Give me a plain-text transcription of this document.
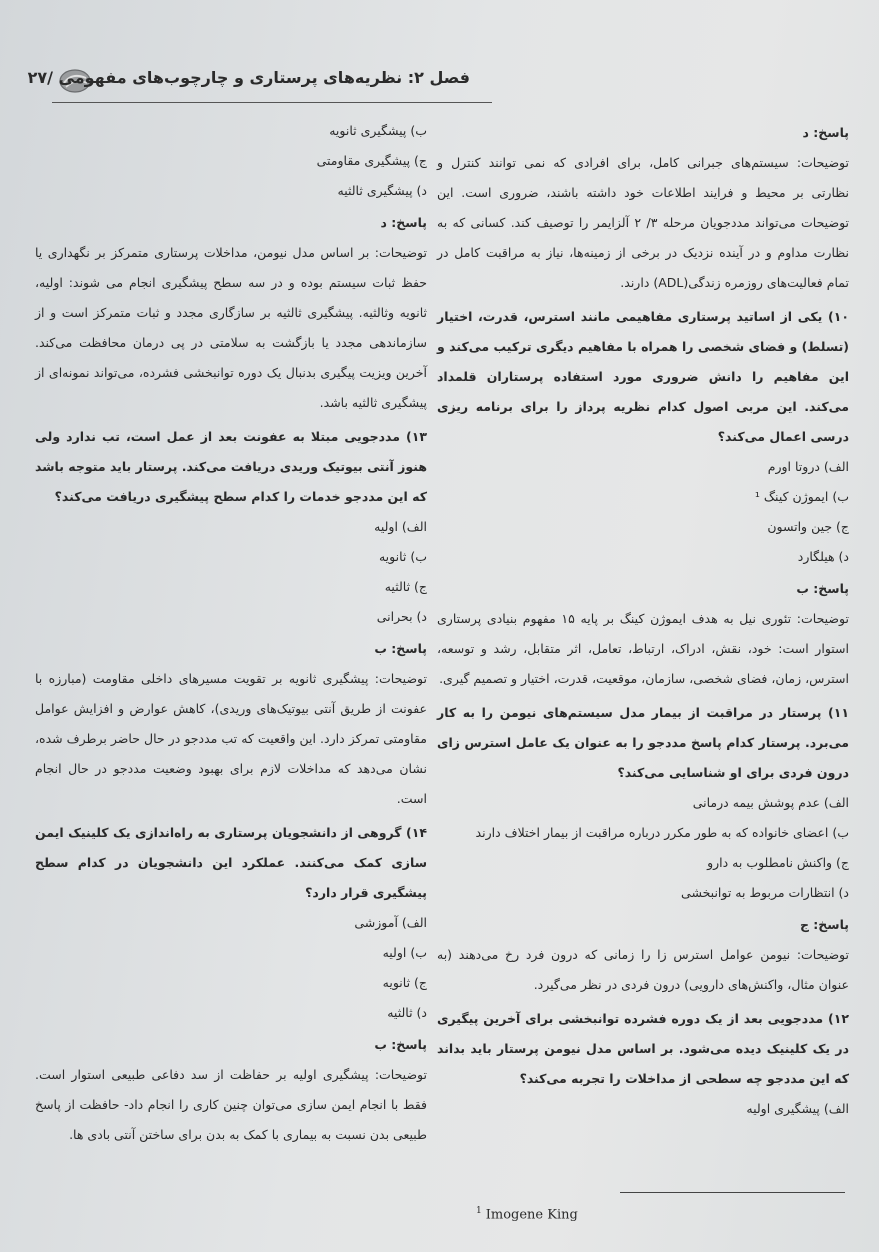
فصل ۲: نظریه‌های پرستاری و چارچوب‌های مفهومی /۲۷

پاسخ: د

توضیحات: سیستم‌های جبرانی کامل، برای افرادی که نمی توانند کنترل و نظارتی بر محیط و فرایند اطلاعات خود داشته باشند، ضروری است. این توضیحات می‌تواند مددجویان مرحله ۳/ ۲ آلزایمر را توصیف کند. کسانی که به نظارت مداوم و در آینده نزدیک در برخی از زمینه‌ها، نیاز به مراقبت کامل در تمام فعالیت‌های روزمره زندگی(ADL) دارند.

۱۰) یکی از اساتید پرستاری مفاهیمی مانند استرس، قدرت، اختیار (تسلط) و فضای شخصی را همراه با مفاهیم دیگری ترکیب می‌کند و این مفاهیم را دانش ضروری مورد استفاده پرستاران قلمداد می‌کند. این مربی اصول کدام نظریه پرداز را برای برنامه ریزی درسی اعمال می‌کند؟

الف) دروتا اورم

ب) ایموژن کینگ ¹

ج) جین واتسون

د) هیلگارد

پاسخ: ب

توضیحات: تئوری نیل به هدف ایموژن کینگ بر پایه ۱۵ مفهوم بنیادی پرستاری استوار است: خود، نقش، ادراک، ارتباط، تعامل، اثر متقابل، رشد و توسعه، استرس، زمان، فضای شخصی، سازمان، موقعیت، قدرت، اختیار و تصمیم گیری.

۱۱) پرستار در مراقبت از بیمار مدل سیستم‌های نیومن را به کار می‌برد. پرستار کدام پاسخ مددجو را به عنوان یک عامل استرس زای درون فردی برای او شناسایی می‌کند؟

الف) عدم پوشش بیمه درمانی

ب) اعضای خانواده که به طور مکرر درباره مراقبت از بیمار اختلاف دارند

ج) واکنش نامطلوب به دارو

د) انتظارات مربوط به توانبخشی

پاسخ: ج

توضیحات: نیومن عوامل استرس زا را زمانی که درون فرد رخ می‌دهند (به عنوان مثال، واکنش‌های دارویی) درون فردی در نظر می‌گیرد.

۱۲) مددجویی بعد از یک دوره فشرده توانبخشی برای آخرین پیگیری در یک کلینیک دیده می‌شود. بر اساس مدل نیومن پرستار باید بداند که این مددجو چه سطحی از مداخلات را تجربه می‌کند؟

الف) پیشگیری اولیه

ب) پیشگیری ثانویه

ج) پیشگیری مقاومتی

د) پیشگیری ثالثیه

پاسخ: د

توضیحات: بر اساس مدل نیومن، مداخلات پرستاری متمرکز بر نگهداری یا حفظ ثبات سیستم بوده و در سه سطح پیشگیری انجام می شوند: اولیه، ثانویه وثالثیه. پیشگیری ثالثیه بر سازگاری مجدد و ثبات متمرکز است و از سازماندهی مجدد یا بازگشت به سلامتی در پی درمان محافظت می‌کند. آخرین ویزیت پیگیری بدنبال یک دوره توانبخشی فشرده، می‌تواند نمونه‌ای از پیشگیری ثالثیه باشد.

۱۳) مددجویی مبتلا به عفونت بعد از عمل است، تب ندارد ولی هنوز آنتی بیوتیک وریدی دریافت می‌کند. پرستار باید متوجه باشد که این مددجو خدمات را کدام سطح پیشگیری دریافت می‌کند؟

الف) اولیه

ب) ثانویه

ج) ثالثیه

د) بحرانی

پاسخ: ب

توضیحات: پیشگیری ثانویه بر تقویت مسیرهای داخلی مقاومت (مبارزه با عفونت از طریق آنتی بیوتیک‌های وریدی)، کاهش عوارض و افزایش عوامل مقاومتی تمرکز دارد. این واقعیت که تب مددجو در حال حاضر برطرف شده، نشان می‌دهد که مداخلات لازم برای بهبود وضعیت مددجو در حال انجام است.

۱۴) گروهی از دانشجویان پرستاری به راه‌اندازی یک کلینیک ایمن سازی کمک می‌کنند. عملکرد این دانشجویان در کدام سطح پیشگیری قرار دارد؟

الف) آموزشی

ب) اولیه

ج) ثانویه

د) ثالثیه

پاسخ: ب

توضیحات: پیشگیری اولیه بر حفاظت از سد دفاعی طبیعی استوار است. فقط با انجام ایمن سازی می‌توان چنین کاری را انجام داد- حافظت از پاسخ طبیعی بدن نسبت به بیماری با کمک به بدن برای ساختن آنتی بادی ها.

$^1$ Imogene King
